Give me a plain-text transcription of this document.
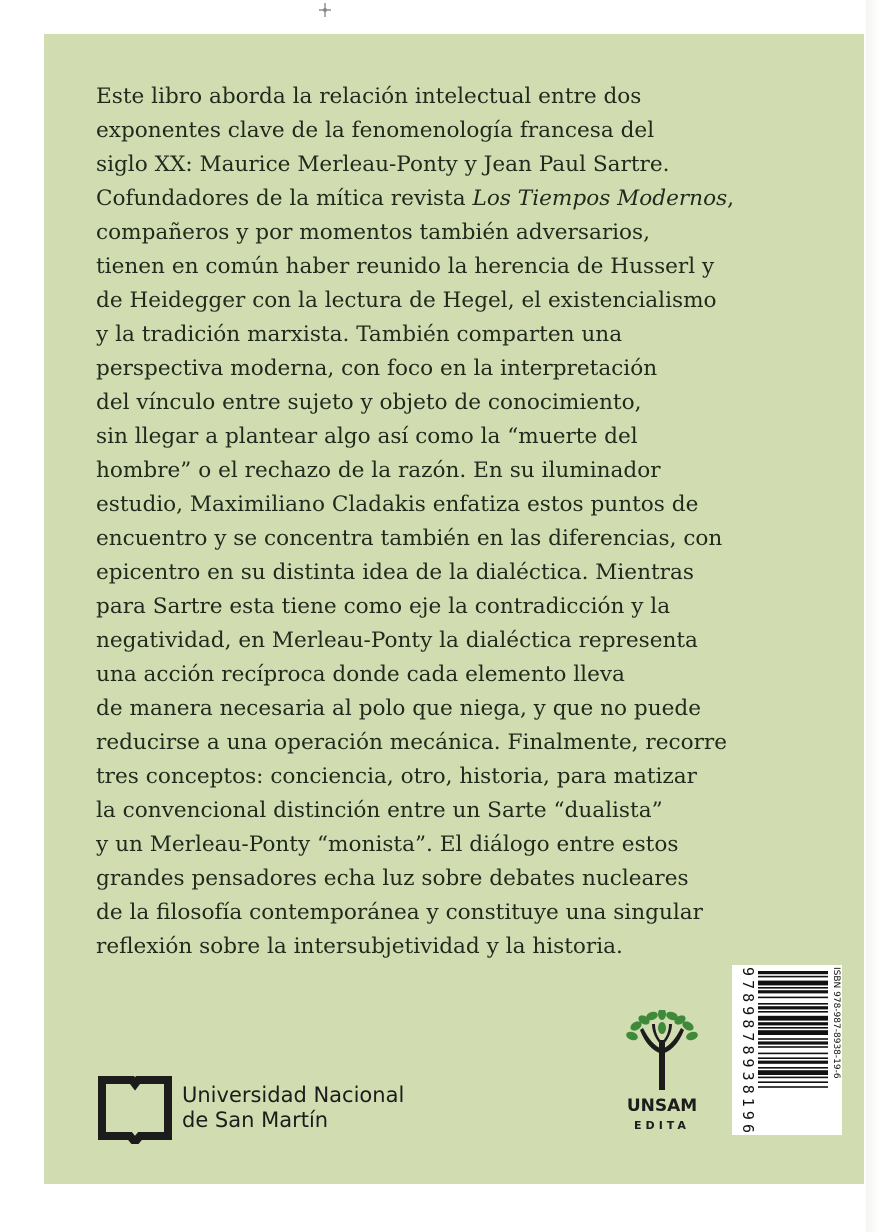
Este libro aborda la relación intelectual entre dos
exponentes clave de la fenomenología francesa del
siglo XX: Maurice Merleau-Ponty y Jean Paul Sartre.
Cofundadores de la mítica revista Los Tiempos Modernos,
compañeros y por momentos también adversarios,
tienen en común haber reunido la herencia de Husserl y
de Heidegger con la lectura de Hegel, el existencialismo
y la tradición marxista. También comparten una
perspectiva moderna, con foco en la interpretación
del vínculo entre sujeto y objeto de conocimiento,
sin llegar a plantear algo así como la “muerte del
hombre” o el rechazo de la razón. En su iluminador
estudio, Maximiliano Cladakis enfatiza estos puntos de
encuentro y se concentra también en las diferencias, con
epicentro en su distinta idea de la dialéctica. Mientras
para Sartre esta tiene como eje la contradicción y la
negatividad, en Merleau-Ponty la dialéctica representa
una acción recíproca donde cada elemento lleva
de manera necesaria al polo que niega, y que no puede
reducirse a una operación mecánica. Finalmente, recorre
tres conceptos: conciencia, otro, historia, para matizar
la convencional distinción entre un Sarte “dualista”
y un Merleau-Ponty “monista”. El diálogo entre estos
grandes pensadores echa luz sobre debates nucleares
de la filosofía contemporánea y constituye una singular
reflexión sobre la intersubjetividad y la historia.
Universidad Nacional
de San Martín
UNSAM
EDITA
ISBN 978-987-8938-19-6
9
7
8
9
8
7
8
9
3
8
1
9
6
